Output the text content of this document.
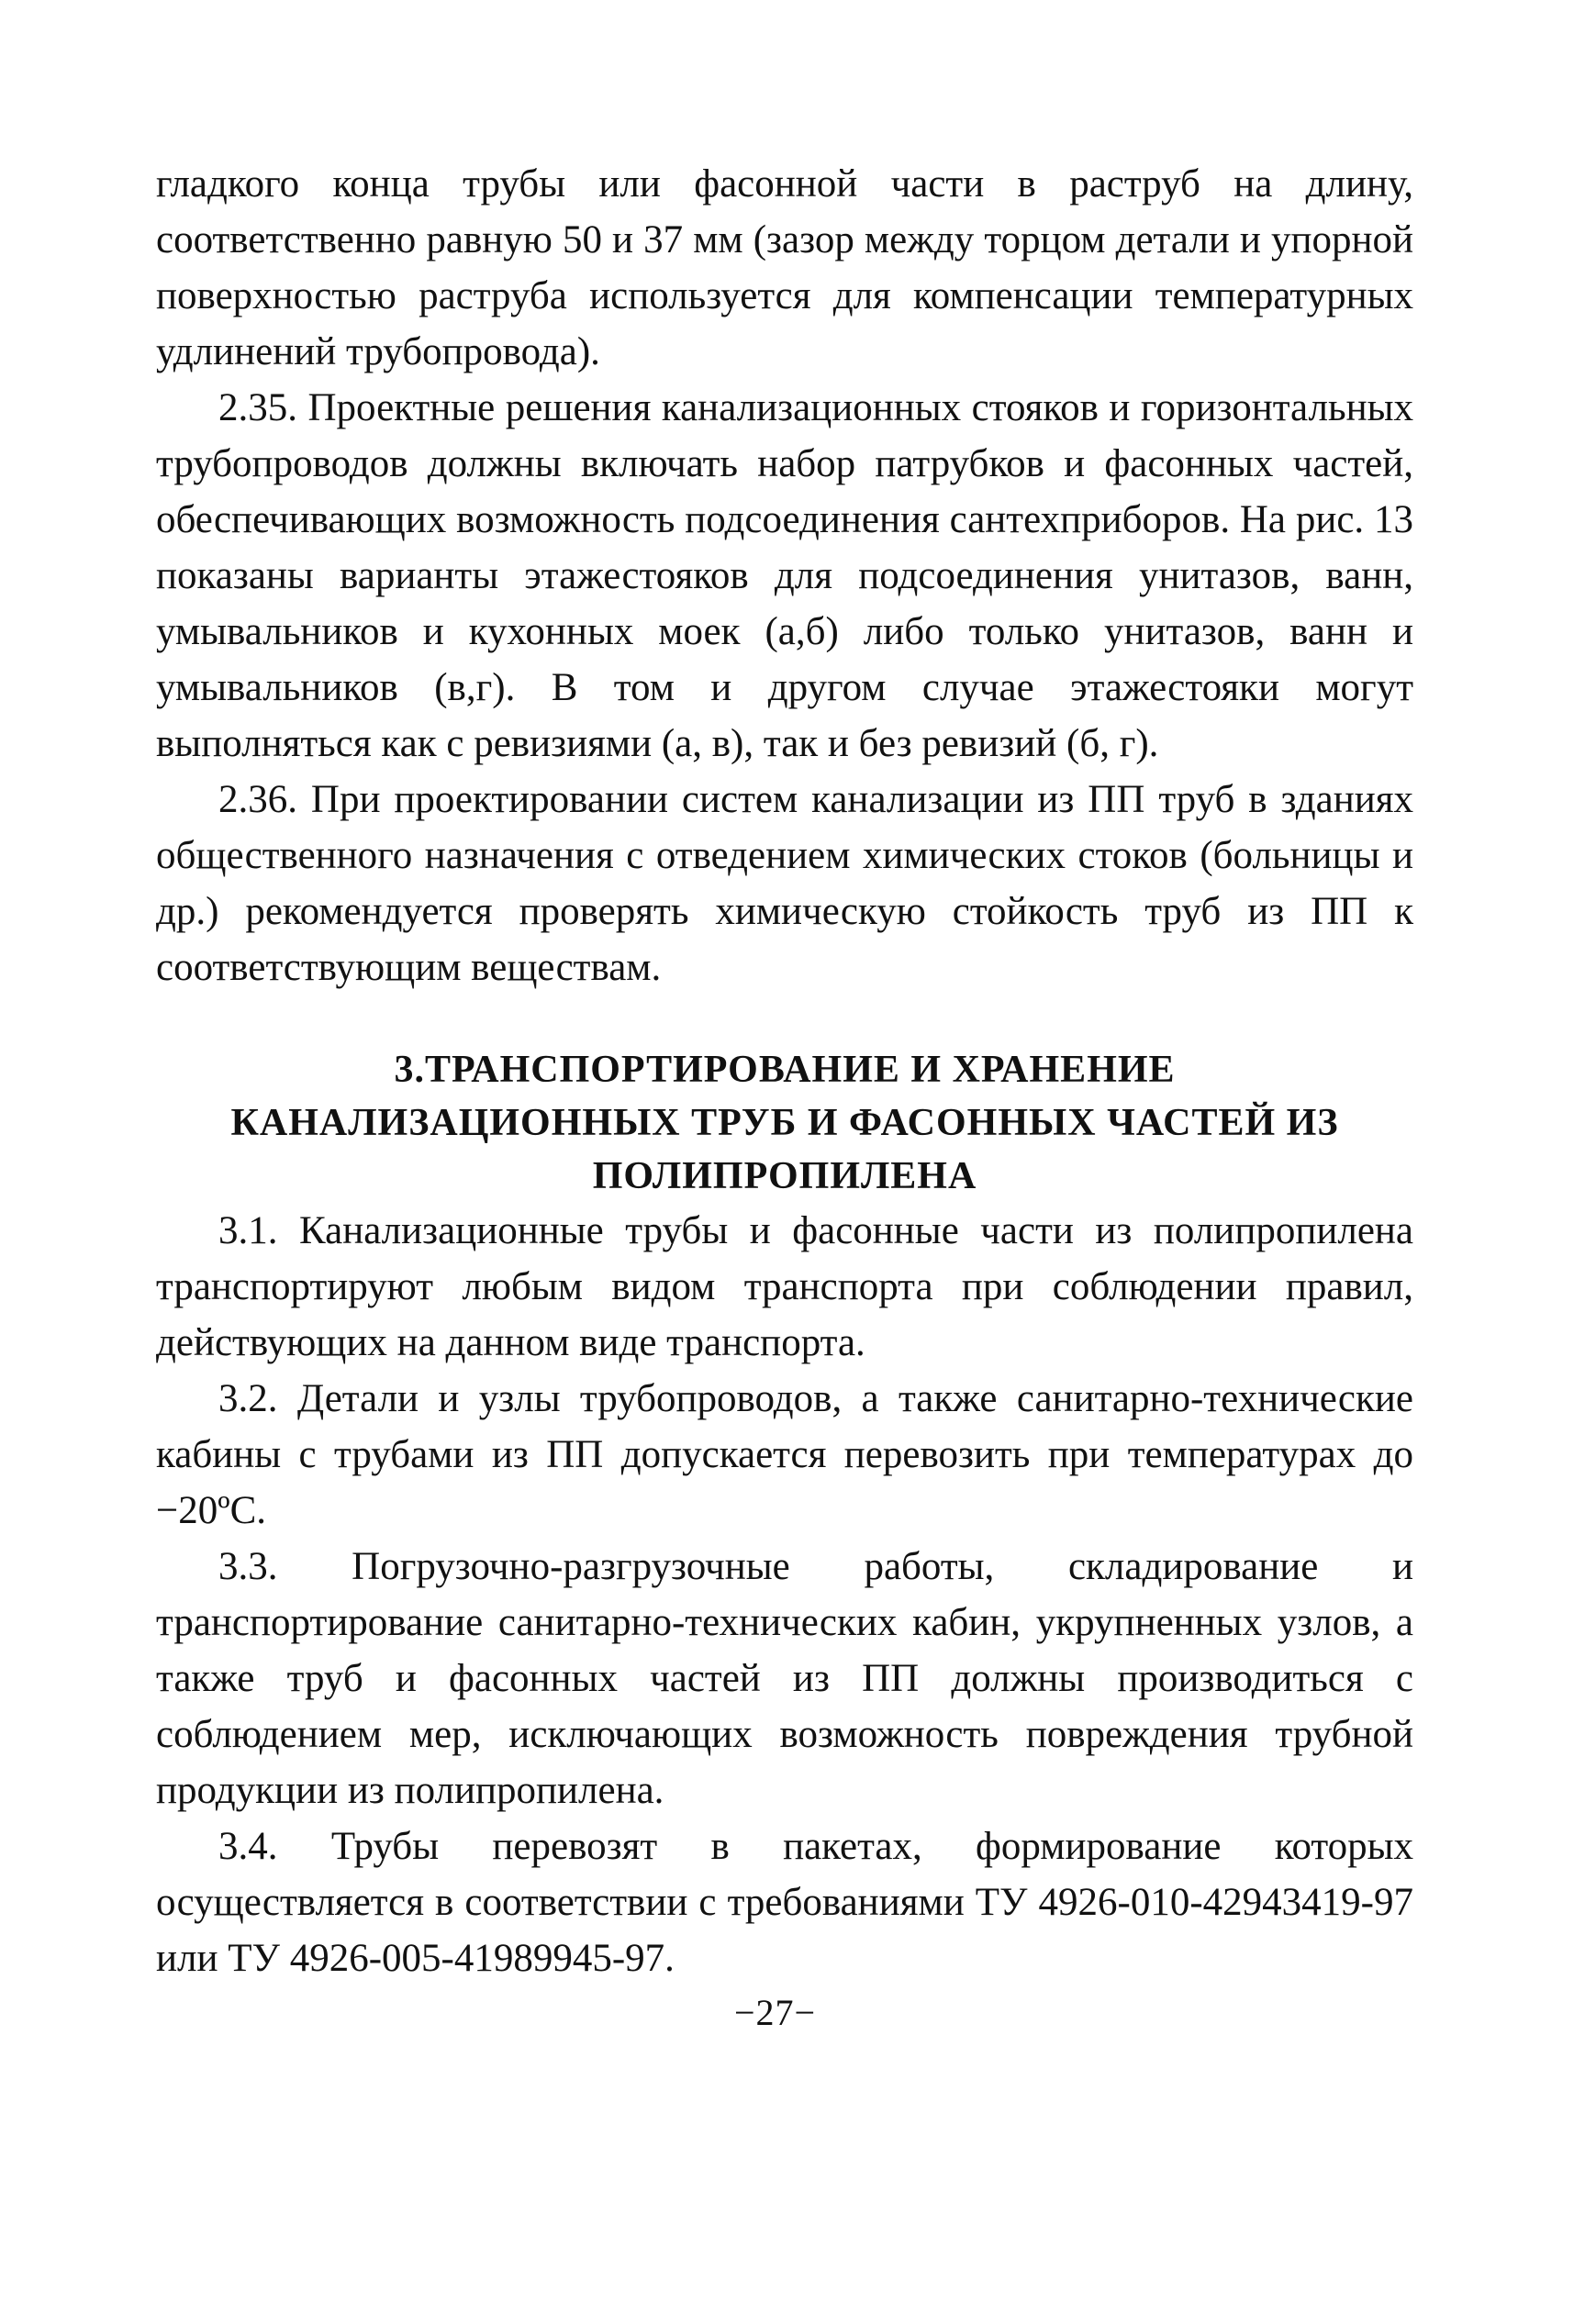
гладкого конца трубы или фасонной части в раструб на длину, соответственно равную 50 и 37 мм (зазор между торцом детали и упорной поверхностью раструба используется для компенсации температурных удлинений трубопровода).

2.35. Проектные решения канализационных стояков и горизонтальных трубопроводов должны включать набор патрубков и фасонных частей, обеспечивающих возможность подсоединения сантехприборов. На рис. 13 показаны варианты этажестояков для подсоединения унитазов, ванн, умывальников и кухонных моек (а,б) либо только унитазов, ванн и умывальников (в,г). В том и другом случае этажестояки могут выполняться как с ревизиями (а, в), так и без ревизий (б, г).

2.36. При проектировании систем канализации из ПП труб в зданиях общественного назначения с отведением химических стоков (больницы и др.) рекомендуется проверять химическую стойкость труб из ПП к соответствующим веществам.

3.ТРАНСПОРТИРОВАНИЕ И ХРАНЕНИЕ
КАНАЛИЗАЦИОННЫХ ТРУБ И ФАСОННЫХ ЧАСТЕЙ ИЗ
ПОЛИПРОПИЛЕНА

3.1. Канализационные трубы и фасонные части из полипропилена транспортируют любым видом транспорта при соблюдении правил, действующих на данном виде транспорта.

3.2. Детали и узлы трубопроводов, а также санитарно-технические кабины с трубами из ПП допускается перевозить при температурах до −20ºС.

3.3. Погрузочно-разгрузочные работы, складирование и транспортирование санитарно-технических кабин, укрупненных узлов, а также труб и фасонных частей из ПП должны производиться с соблюдением мер, исключающих возможность повреждения трубной продукции из полипропилена.

3.4. Трубы перевозят в пакетах, формирование которых осуществляется в соответствии с требованиями ТУ 4926-010-42943419-97 или ТУ 4926-005-41989945-97.

−27−
